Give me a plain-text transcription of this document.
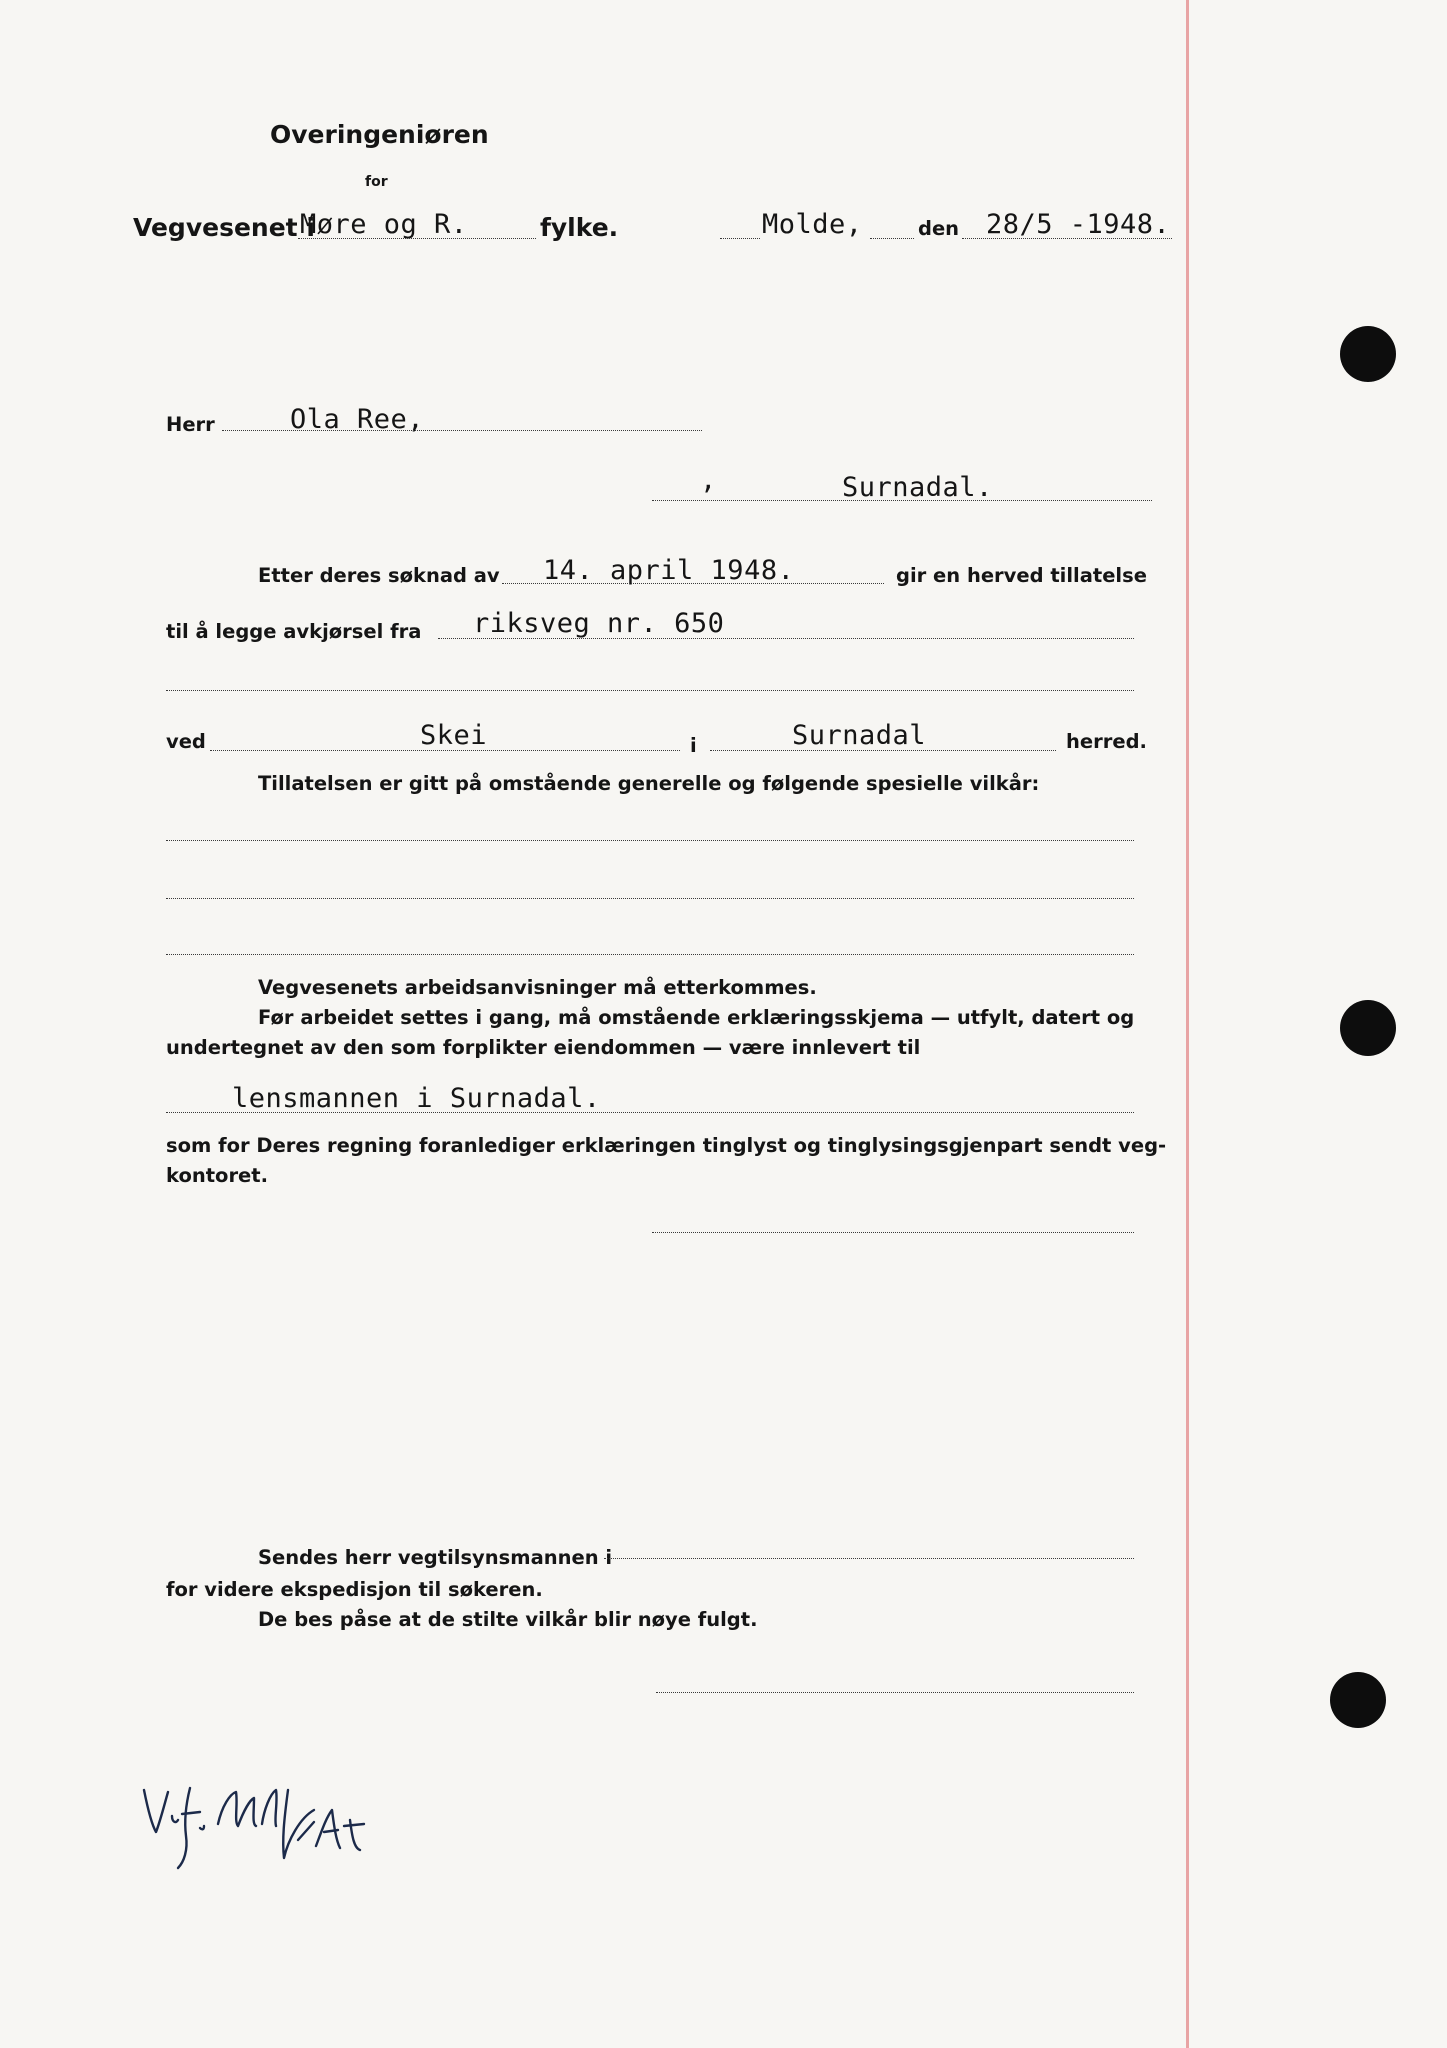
Overingeniøren
for
Vegvesenet i
Møre og R.	fylke.	Molde,	den 28/5 -1948.
Herr	Ola Ree,
,	Surnadal.
Etter deres søknad av 14. april 1948.	gir en herved tillatelse
til å legge avkjørsel fra riksveg nr. 650
ved	Skei	i	Surnadal	herred.
Tillatelsen er gitt på omstående generelle og følgende spesielle vilkår:
Vegvesenets arbeidsanvisninger må etterkommes.
Før arbeidet settes i gang, må omstående erklæringsskjema — utfylt, datert og
undertegnet av den som forplikter eiendommen — være innlevert til
lensmannen i Surnadal.
som for Deres regning foranlediger erklæringen tinglyst og tinglysingsgjenpart sendt veg-
kontoret.
Sendes herr vegtilsynsmannen i
for videre ekspedisjon til søkeren.
De bes påse at de stilte vilkår blir nøye fulgt.
